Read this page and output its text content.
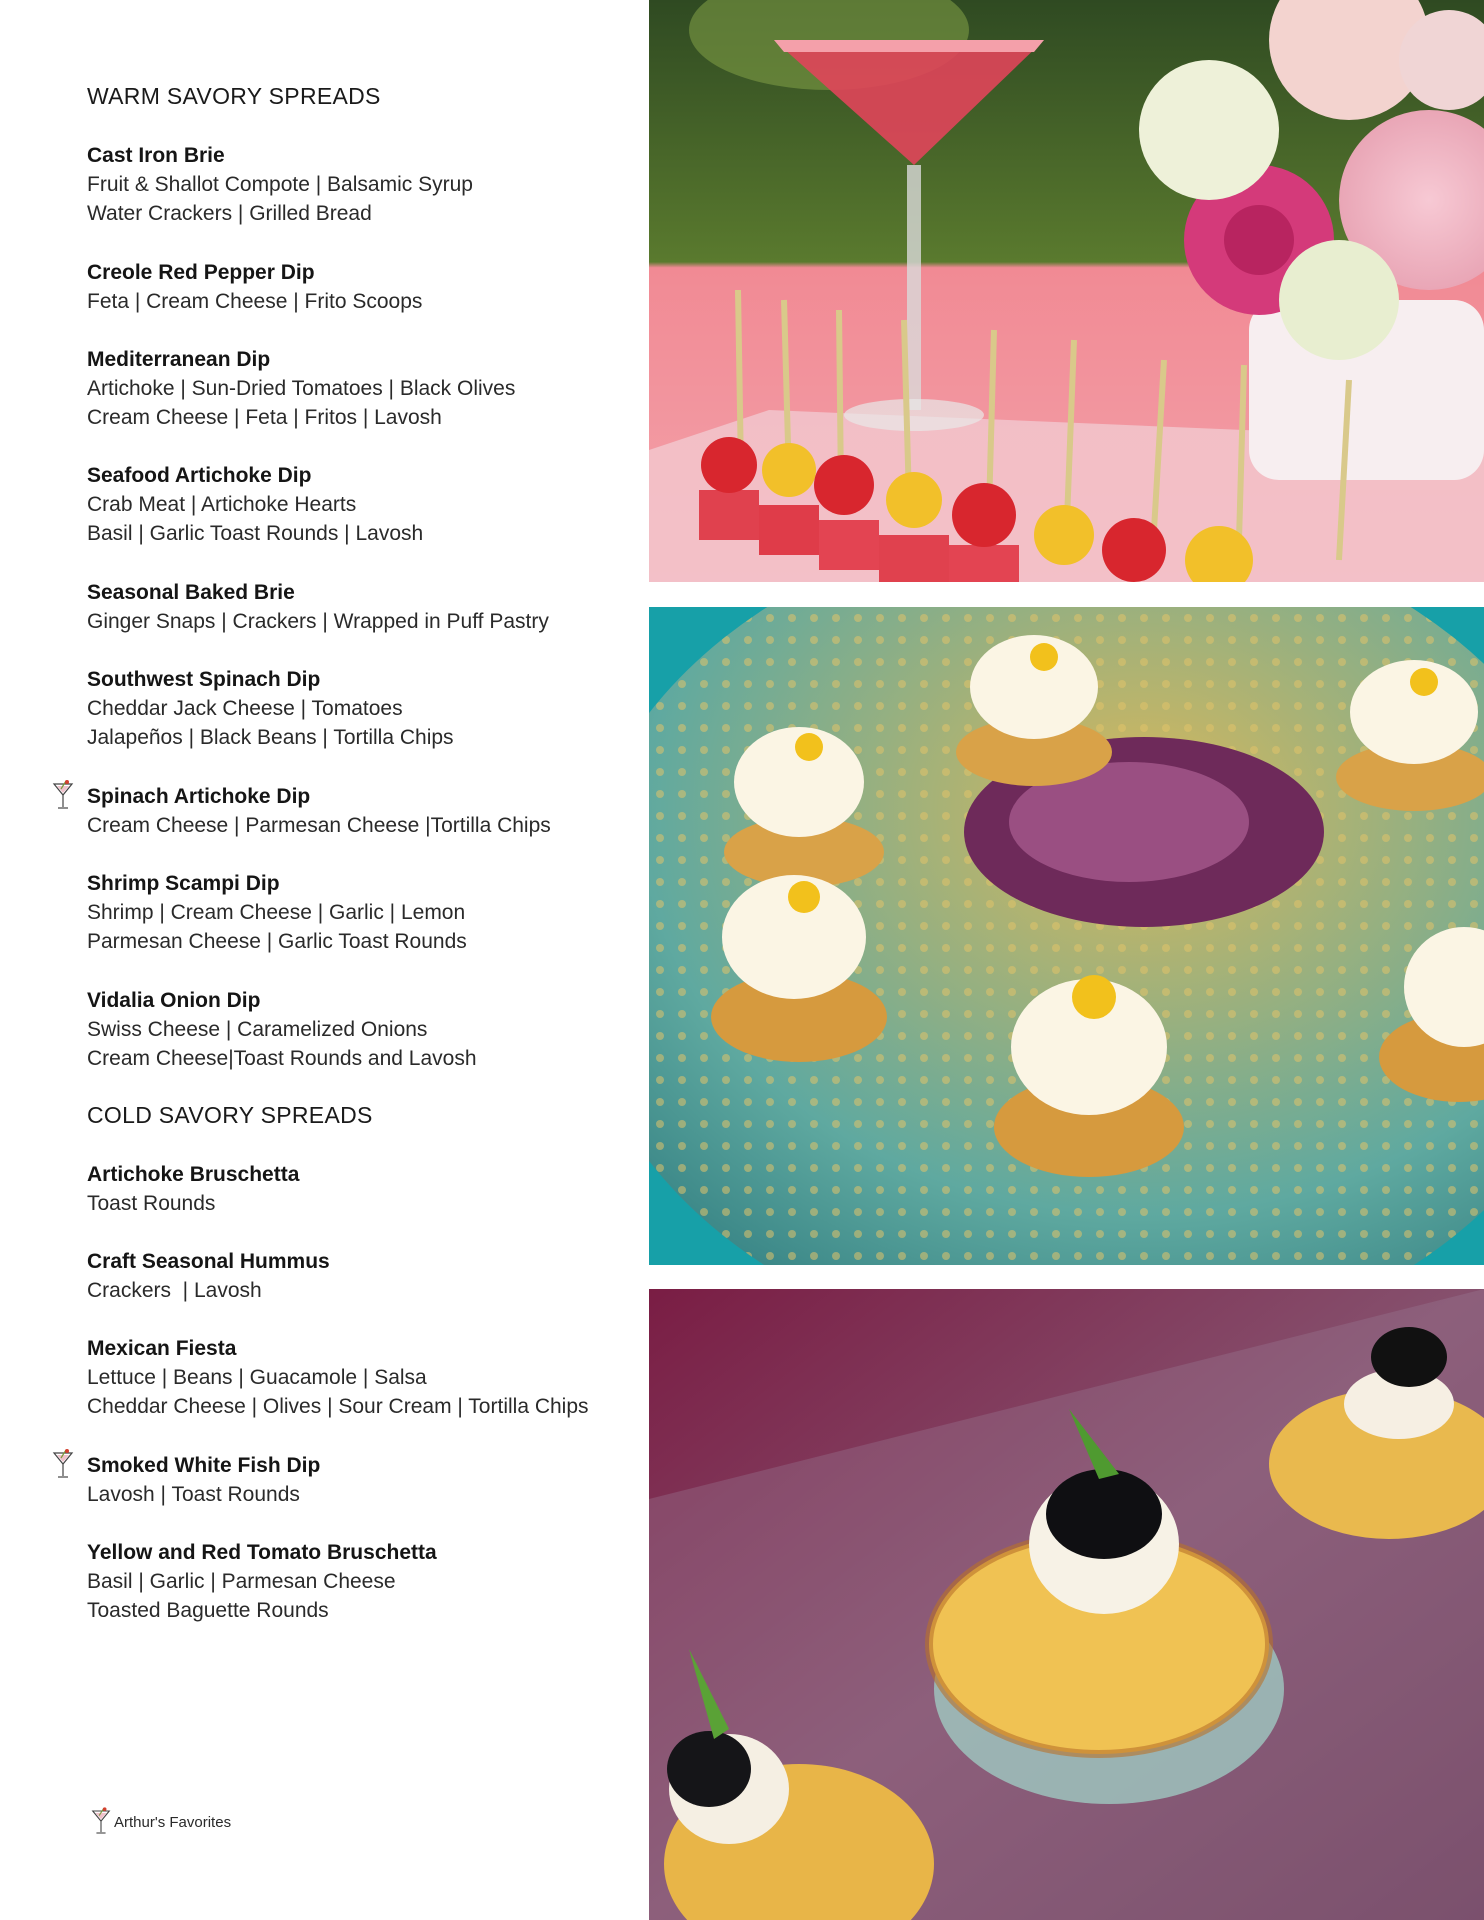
WARM SAVORY SPREADS
Cast Iron Brie
Fruit & Shallot Compote | Balsamic Syrup
Water Crackers | Grilled Bread
Creole Red Pepper Dip
Feta | Cream Cheese | Frito Scoops
Mediterranean Dip
Artichoke | Sun-Dried Tomatoes | Black Olives
Cream Cheese | Feta | Fritos | Lavosh
Seafood Artichoke Dip
Crab Meat | Artichoke Hearts
Basil | Garlic Toast Rounds | Lavosh
Seasonal Baked Brie
Ginger Snaps | Crackers | Wrapped in Puff Pastry
Southwest Spinach Dip
Cheddar Jack Cheese | Tomatoes
Jalapeños | Black Beans | Tortilla Chips
Spinach Artichoke Dip
Cream Cheese | Parmesan Cheese |Tortilla Chips
Shrimp Scampi Dip
Shrimp | Cream Cheese | Garlic | Lemon
Parmesan Cheese | Garlic Toast Rounds
Vidalia Onion Dip
Swiss Cheese | Caramelized Onions
Cream Cheese|Toast Rounds and Lavosh
COLD SAVORY SPREADS
Artichoke Bruschetta
Toast Rounds
Craft Seasonal Hummus
Crackers  | Lavosh
Mexican Fiesta
Lettuce | Beans | Guacamole | Salsa
Cheddar Cheese | Olives | Sour Cream | Tortilla Chips
Smoked White Fish Dip
Lavosh | Toast Rounds
Yellow and Red Tomato Bruschetta
Basil | Garlic | Parmesan Cheese
Toasted Baguette Rounds
Arthur's Favorites
